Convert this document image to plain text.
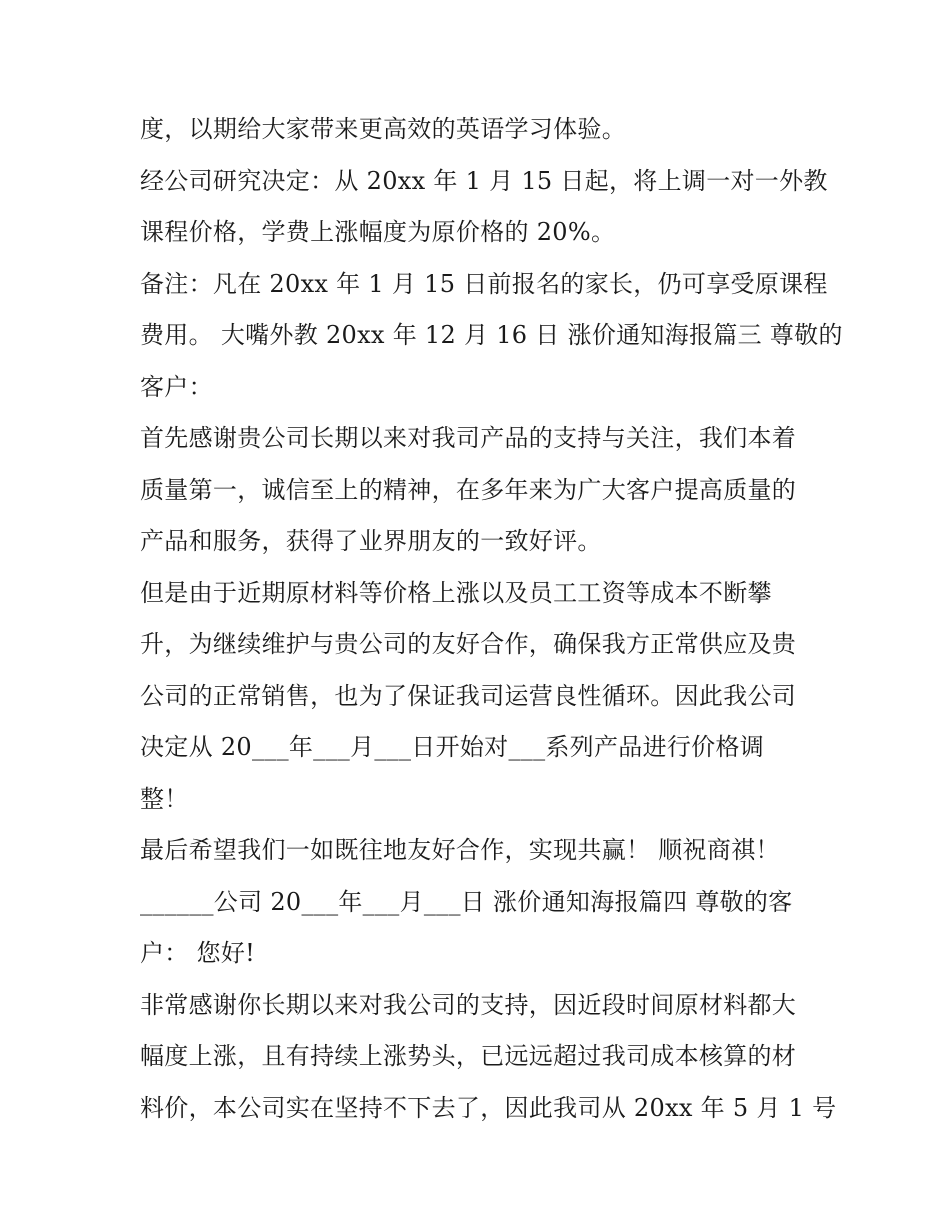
度，以期给大家带来更高效的英语学习体验。
经公司研究决定：从 20xx 年 1 月 15 日起，将上调一对一外教
课程价格，学费上涨幅度为原价格的 20%。
备注：凡在 20xx 年 1 月 15 日前报名的家长，仍可享受原课程
费用。 大嘴外教 20xx 年 12 月 16 日 涨价通知海报篇三 尊敬的
客户：
首先感谢贵公司长期以来对我司产品的支持与关注，我们本着
质量第一，诚信至上的精神，在多年来为广大客户提高质量的
产品和服务，获得了业界朋友的一致好评。
但是由于近期原材料等价格上涨以及员工工资等成本不断攀
升，为继续维护与贵公司的友好合作，确保我方正常供应及贵
公司的正常销售，也为了保证我司运营良性循环。因此我公司
决定从 20___年___月___日开始对___系列产品进行价格调
整！
最后希望我们一如既往地友好合作，实现共赢！ 顺祝商祺！
______公司 20___年___月___日 涨价通知海报篇四 尊敬的客
户： 您好!
非常感谢你长期以来对我公司的支持，因近段时间原材料都大
幅度上涨，且有持续上涨势头，已远远超过我司成本核算的材
料价，本公司实在坚持不下去了，因此我司从 20xx 年 5 月 1 号
